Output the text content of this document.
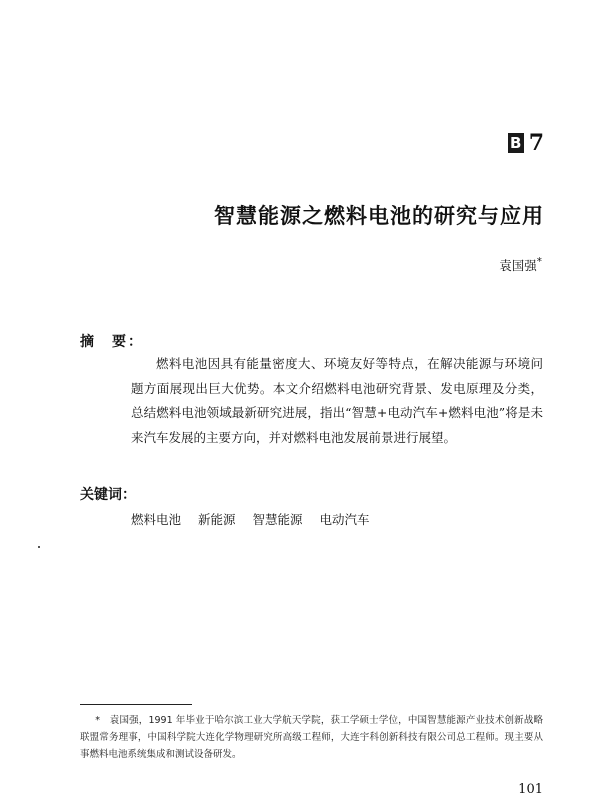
B 7
智慧能源之燃料电池的研究与应用
袁国强*
摘　要：

燃料电池因具有能量密度大、环境友好等特点，在解决能源与环境问题方面展现出巨大优势。本文介绍燃料电池研究背景、发电原理及分类，总结燃料电池领域最新研究进展，指出“智慧+电动汽车+燃料电池”将是未来汽车发展的主要方向，并对燃料电池发展前景进行展望。

关键词：
燃料电池 新能源 智慧能源 电动汽车

*　 袁国强，1991 年毕业于哈尔滨工业大学航天学院，获工学硕士学位，中国智慧能源产业技术创新战略联盟常务理事，中国科学院大连化学物理研究所高级工程师，大连宇科创新科技有限公司总工程师。现主要从事燃料电池系统集成和测试设备研发。

101
